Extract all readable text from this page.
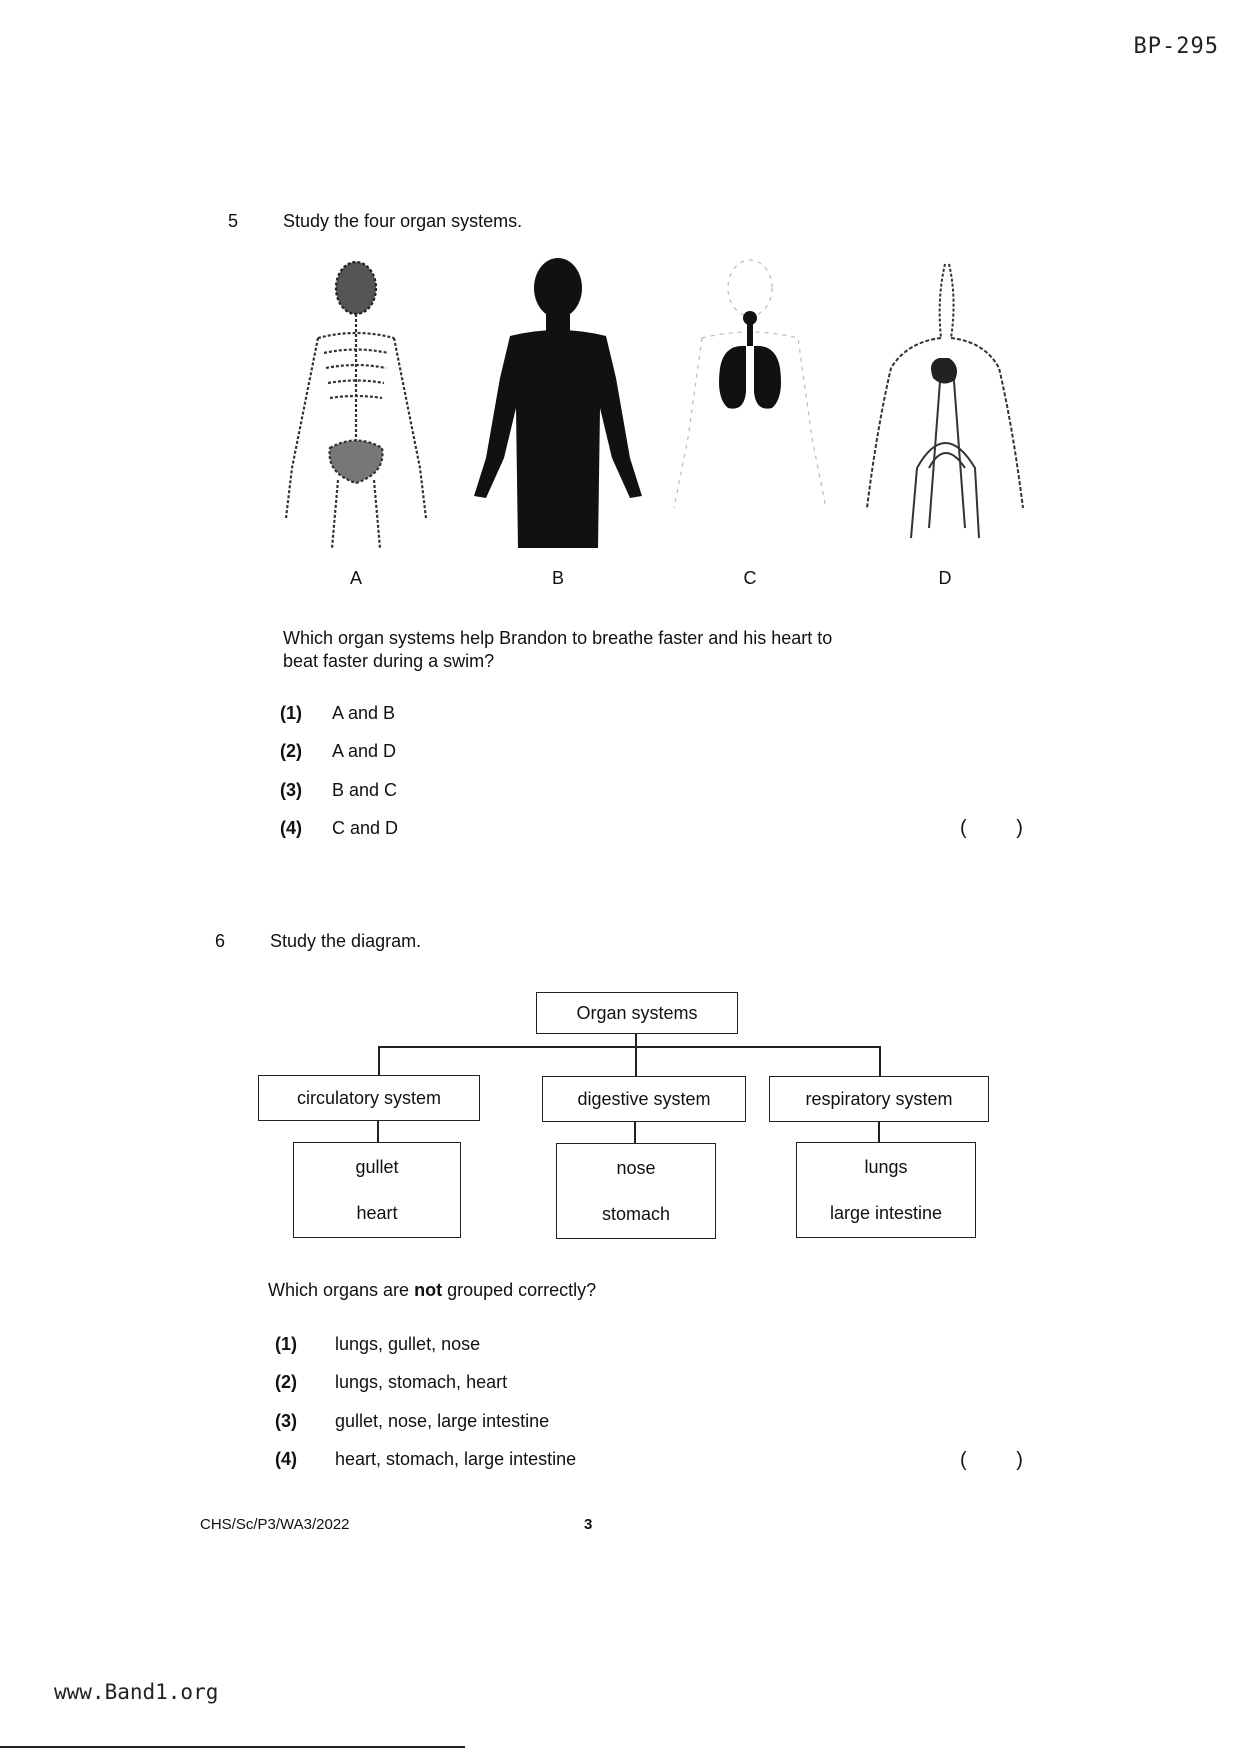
BP-295
5 Study the four organ systems.
A	B	C	D
Which organ systems help Brandon to breathe faster and his heart to
beat faster during a swim?
(1) A and B
(2) A and D
(3) B and C
(4) C and D	( )
6 Study the diagram.
Organ systems
circulatory system	digestive system	respiratory system
gullet
heart
nose
stomach
lungs
large intestine
Which organs are not grouped correctly?
(1) lungs, gullet, nose
(2) lungs, stomach, heart
(3) gullet, nose, large intestine
(4) heart, stomach, large intestine	( )
CHS/Sc/P3/WA3/2022	3
www.Band1.org
